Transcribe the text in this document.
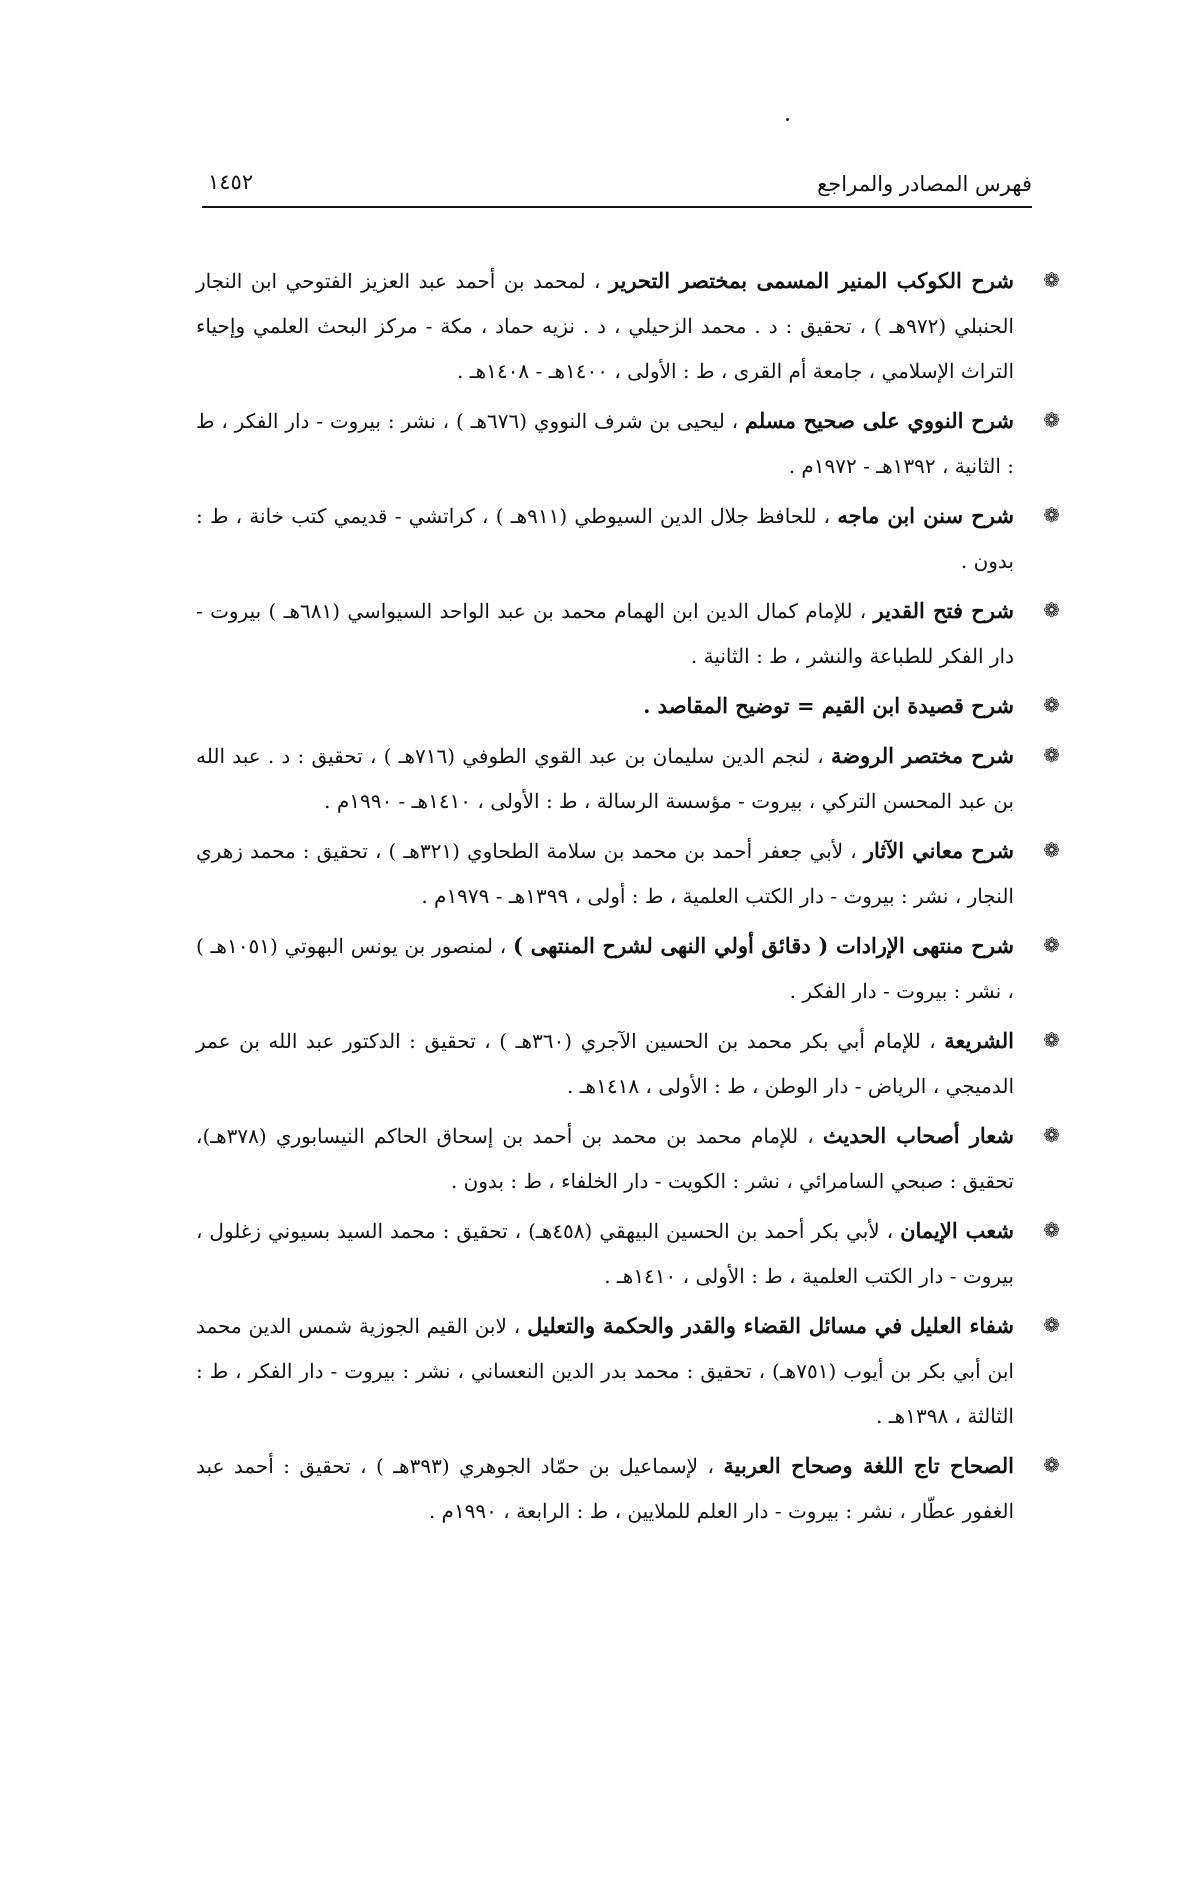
فهرس المصادر والمراجع
١٤٥٢
❁
شرح الكوكب المنير المسمى بمختصر التحرير ، لمحمد بن أحمد عبد العزيز الفتوحي ابن النجار الحنبلي (٩٧٢هـ ) ، تحقيق : د . محمد الزحيلي ، د . نزيه حماد ، مكة - مركز البحث العلمي وإحياء التراث الإسلامي ، جامعة أم القرى ، ط : الأولى ، ١٤٠٠هـ - ١٤٠٨هـ .
❁
شرح النووي على صحيح مسلم ، ليحيى بن شرف النووي (٦٧٦هـ ) ، نشر : بيروت - دار الفكر ، ط : الثانية ، ١٣٩٢هـ - ١٩٧٢م .
❁
شرح سنن ابن ماجه ، للحافظ جلال الدين السيوطي (٩١١هـ ) ، كراتشي - قديمي كتب خانة ، ط : بدون .
❁
شرح فتح القدير ، للإمام كمال الدين ابن الهمام محمد بن عبد الواحد السيواسي (٦٨١هـ ) بيروت - دار الفكر للطباعة والنشر ، ط : الثانية .
❁
شرح قصيدة ابن القيم = توضيح المقاصد .
❁
شرح مختصر الروضة ، لنجم الدين سليمان بن عبد القوي الطوفي (٧١٦هـ ) ، تحقيق : د . عبد الله بن عبد المحسن التركي ، بيروت - مؤسسة الرسالة ، ط : الأولى ، ١٤١٠هـ - ١٩٩٠م .
❁
شرح معاني الآثار ، لأبي جعفر أحمد بن محمد بن سلامة الطحاوي (٣٢١هـ ) ، تحقيق : محمد زهري النجار ، نشر : بيروت - دار الكتب العلمية ، ط : أولى ، ١٣٩٩هـ - ١٩٧٩م .
❁
شرح منتهى الإرادات ( دقائق أولي النهى لشرح المنتهى ) ، لمنصور بن يونس البهوتي (١٠٥١هـ ) ، نشر : بيروت - دار الفكر .
❁
الشريعة ، للإمام أبي بكر محمد بن الحسين الآجري (٣٦٠هـ ) ، تحقيق : الدكتور عبد الله بن عمر الدميجي ، الرياض - دار الوطن ، ط : الأولى ، ١٤١٨هـ .
❁
شعار أصحاب الحديث ، للإمام محمد بن محمد بن أحمد بن إسحاق الحاكم النيسابوري (٣٧٨هـ)، تحقيق : صبحي السامرائي ، نشر : الكويت - دار الخلفاء ، ط : بدون .
❁
شعب الإيمان ، لأبي بكر أحمد بن الحسين البيهقي (٤٥٨هـ) ، تحقيق : محمد السيد بسيوني زغلول ، بيروت - دار الكتب العلمية ، ط : الأولى ، ١٤١٠هـ .
❁
شفاء العليل في مسائل القضاء والقدر والحكمة والتعليل ، لابن القيم الجوزية شمس الدين محمد ابن أبي بكر بن أيوب (٧٥١هـ) ، تحقيق : محمد بدر الدين النعساني ، نشر : بيروت - دار الفكر ، ط : الثالثة ، ١٣٩٨هـ .
❁
الصحاح تاج اللغة وصحاح العربية ، لإسماعيل بن حمّاد الجوهري (٣٩٣هـ ) ، تحقيق : أحمد عبد الغفور عطّار ، نشر : بيروت - دار العلم للملايين ، ط : الرابعة ، ١٩٩٠م .
